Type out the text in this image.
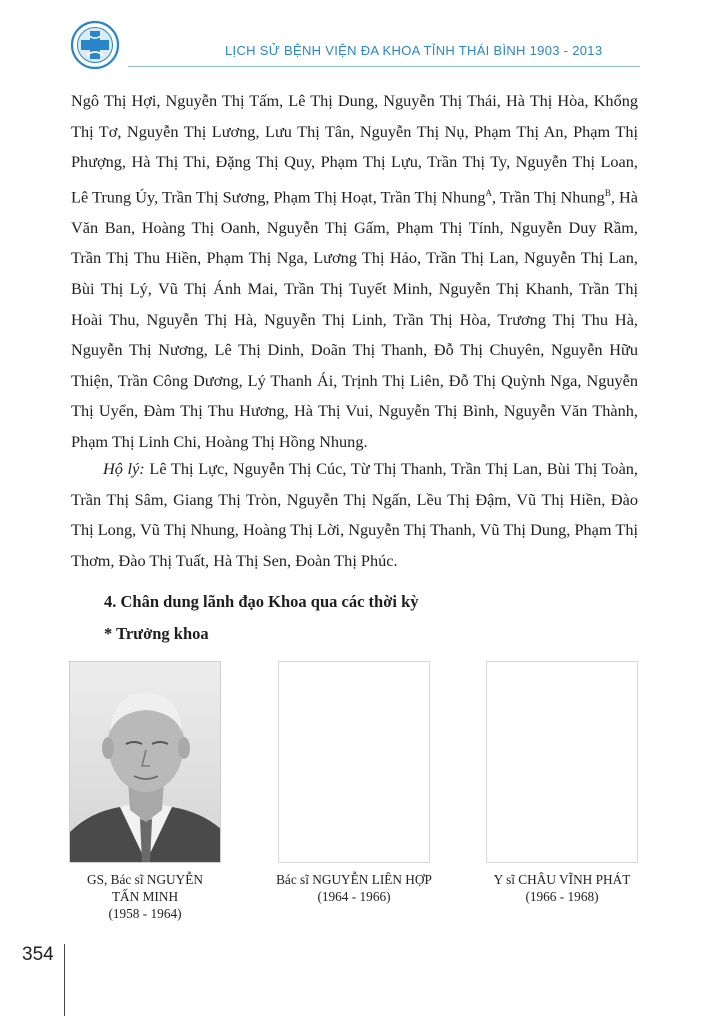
LỊCH SỬ BỆNH VIỆN ĐA KHOA TỈNH THÁI BÌNH 1903 - 2013

Ngô Thị Hợi, Nguyễn Thị Tấm, Lê Thị Dung, Nguyễn Thị Thái, Hà Thị Hòa, Khổng Thị Tơ, Nguyễn Thị Lương, Lưu Thị Tân, Nguyễn Thị Nụ, Phạm Thị An, Phạm Thị Phượng, Hà Thị Thi, Đặng Thị Quy, Phạm Thị Lựu, Trần Thị Ty, Nguyễn Thị Loan, Lê Trung Úy, Trần Thị Sương, Phạm Thị Hoạt, Trần Thị Nhung$^A$, Trần Thị Nhung$^B$, Hà Văn Ban, Hoàng Thị Oanh, Nguyễn Thị Gấm, Phạm Thị Tính, Nguyễn Duy Rầm, Trần Thị Thu Hiền, Phạm Thị Nga, Lương Thị Hảo, Trần Thị Lan, Nguyễn Thị Lan, Bùi Thị Lý, Vũ Thị Ánh Mai, Trần Thị Tuyết Minh, Nguyễn Thị Khanh, Trần Thị Hoài Thu, Nguyễn Thị Hà, Nguyễn Thị Linh, Trần Thị Hòa, Trương Thị Thu Hà, Nguyễn Thị Nương, Lê Thị Dinh, Doãn Thị Thanh, Đỗ Thị Chuyên, Nguyễn Hữu Thiện, Trần Công Dương, Lý Thanh Ái, Trịnh Thị Liên, Đỗ Thị Quỳnh Nga, Nguyễn Thị Uyển, Đàm Thị Thu Hương, Hà Thị Vui, Nguyễn Thị Bình, Nguyễn Văn Thành, Phạm Thị Linh Chi, Hoàng Thị Hồng Nhung.

Hộ lý: Lê Thị Lực, Nguyễn Thị Cúc, Từ Thị Thanh, Trần Thị Lan, Bùi Thị Toàn, Trần Thị Sâm, Giang Thị Tròn, Nguyễn Thị Ngấn, Lều Thị Đậm, Vũ Thị Hiền, Đào Thị Long, Vũ Thị Nhung, Hoàng Thị Lời, Nguyễn Thị Thanh, Vũ Thị Dung, Phạm Thị Thơm, Đào Thị Tuất, Hà Thị Sen, Đoàn Thị Phúc.

4. Chân dung lãnh đạo Khoa qua các thời kỳ
* Trưởng khoa
GS, Bác sĩ NGUYỄN
TẤN MINH
(1958 - 1964)
Bác sĩ NGUYỄN LIÊN HỢP
(1964 - 1966)
Y sĩ CHÂU VĨNH PHÁT
(1966 - 1968)
354
